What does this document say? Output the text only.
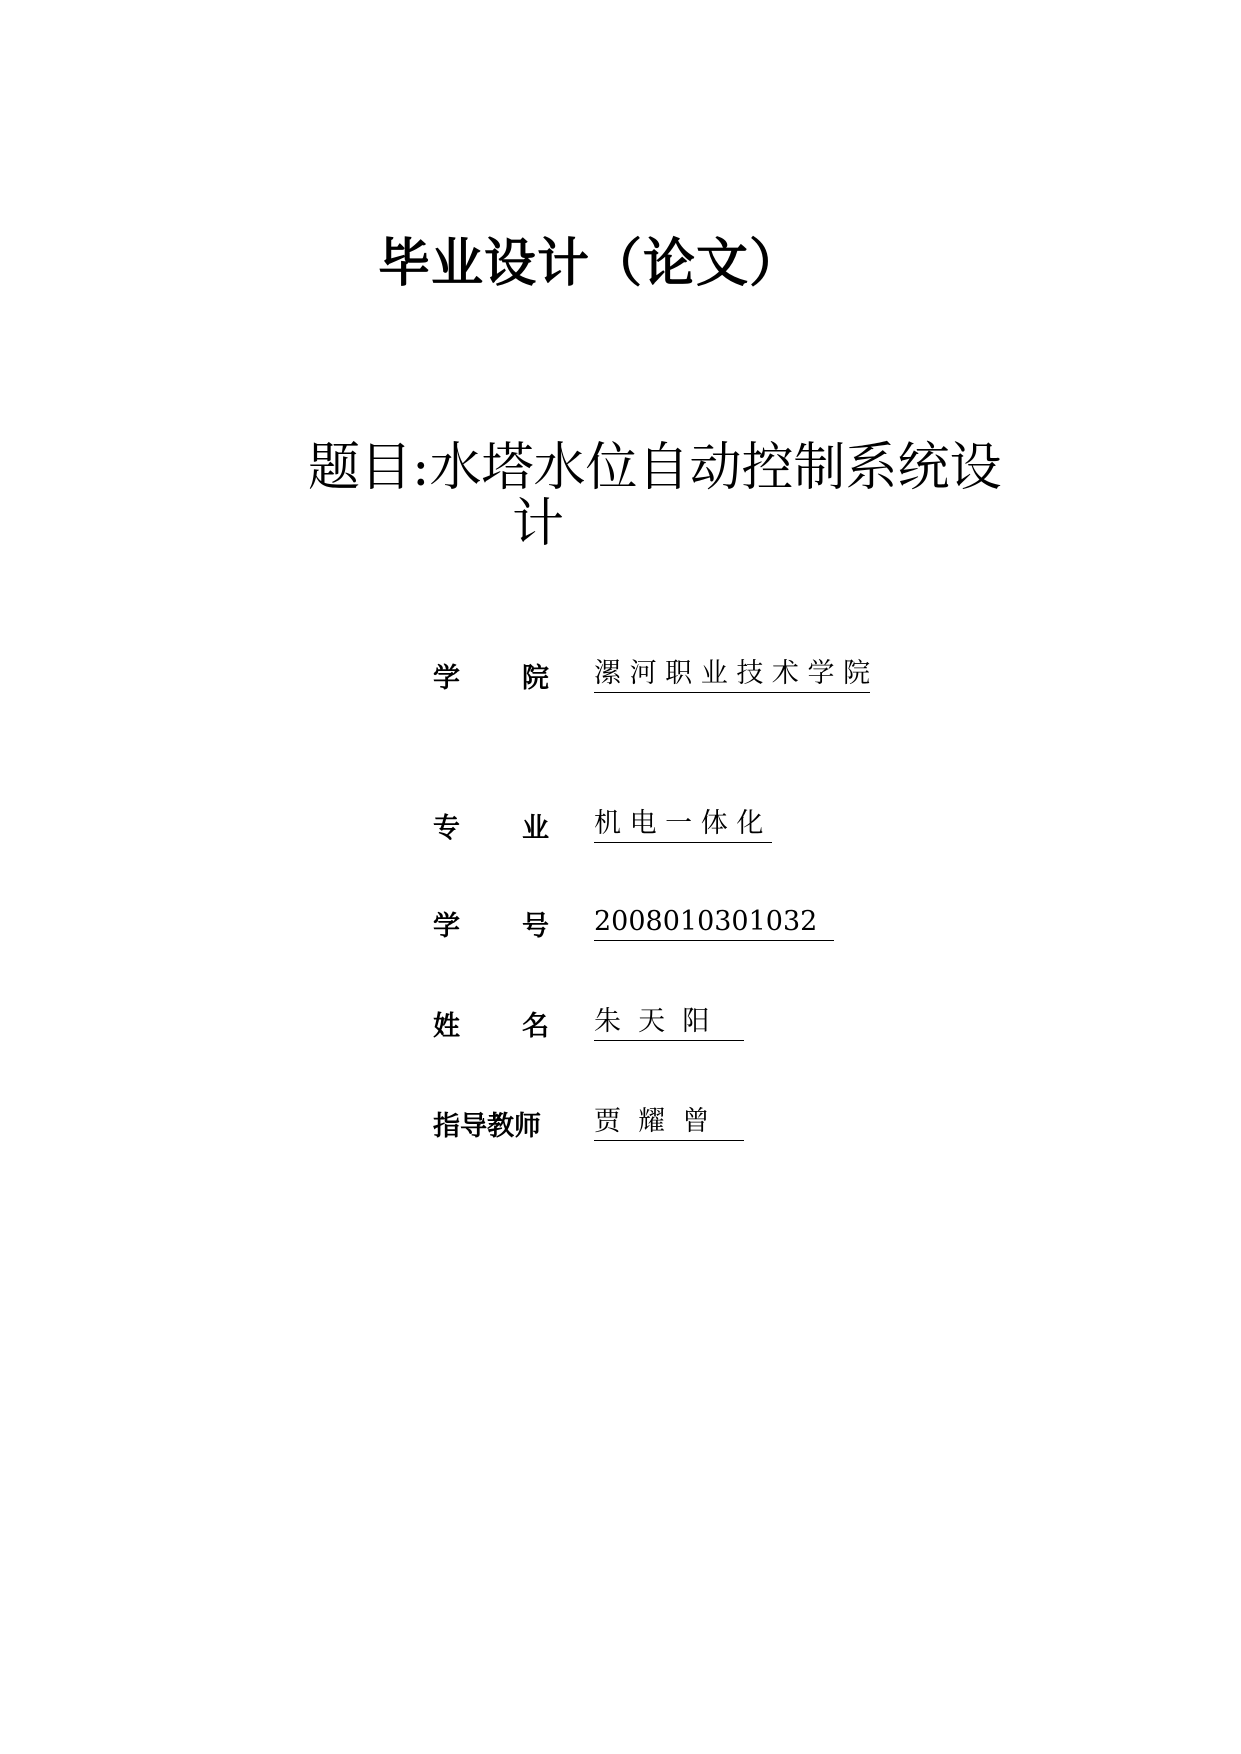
毕业设计（论文）
题目:水塔水位自动控制系统设
计
学 院 漯 河 职 业 技 术 学 院
专 业 机 电 一 体 化
学 号 2008010301032
姓 名 朱  天  阳
指导教师 贾  耀  曾
